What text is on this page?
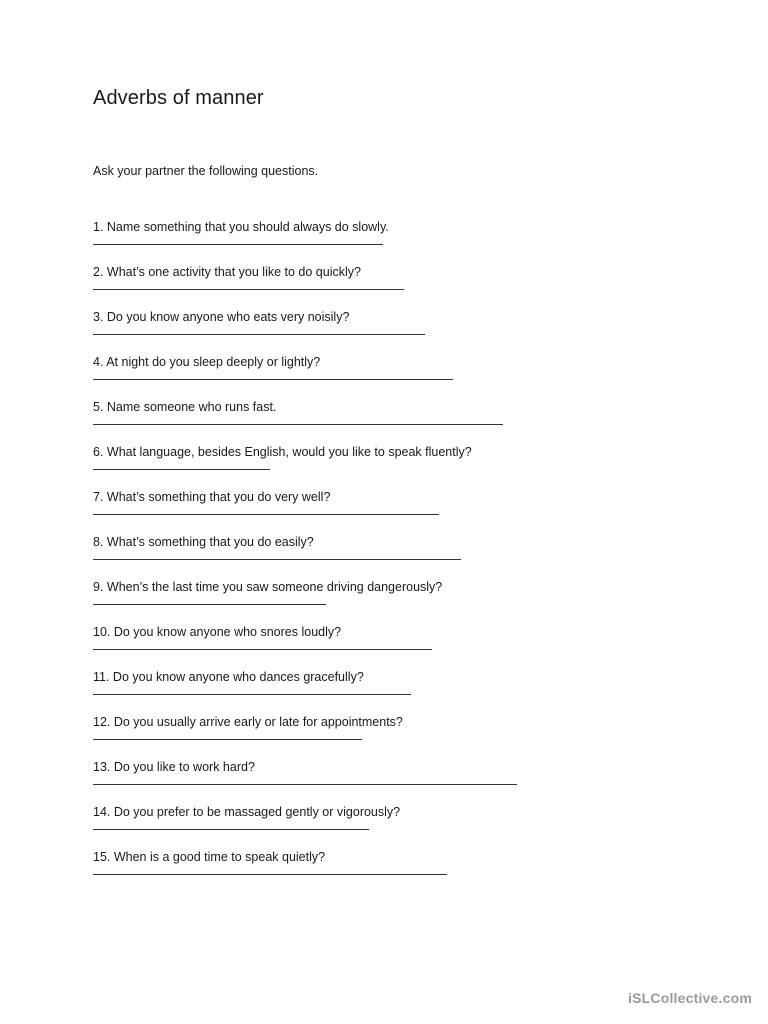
Adverbs of manner

Ask your partner the following questions.

1. Name something that you should always do slowly.
2. What’s one activity that you like to do quickly?
3. Do you know anyone who eats very noisily?
4. At night do you sleep deeply or lightly?
5. Name someone who runs fast.
6. What language, besides English, would you like to speak fluently?
7. What’s something that you do very well?
8. What’s something that you do easily?
9. When’s the last time you saw someone driving dangerously?
10. Do you know anyone who snores loudly?
11. Do you know anyone who dances gracefully?
12. Do you usually arrive early or late for appointments?
13. Do you like to work hard?
14. Do you prefer to be massaged gently or vigorously?
15. When is a good time to speak quietly?
iSLCollective.com
